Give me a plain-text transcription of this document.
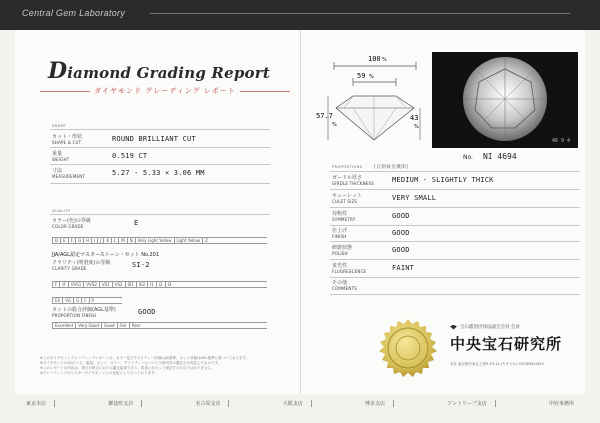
Central Gem Laboratory
Diamond Grading Report
ダイヤモンド グレーディング レポート
SHAPE
カット・形状
SHAPE & CUT	ROUND BRILLIANT CUT
重量
WEIGHT	0.519 CT
寸法
MEASUREMENT	5.27 - 5.33 × 3.06 MM
QUALITY
カラー(色)の等級
COLOR GRADE	E
D	E	F	G	H	I	J	K	L	M	N	Very Light Yellow	Light Yellow	Z
JJA/AGL認定マスターストーン・セット No.201
クラリティ(明澄度)の等級
CLARITY GRADE	SI-2
F	IF	VVS1	VVS2	VS1	VS2	SI1	SI2	I1	I2	I3
EX	VG	G	F	P
カットの総合評価(AGL基準)
PROPORTION FINISH	GOOD
Excellent	Very Good	Good	Fair	Poor
※このダイヤモンドグレーディングレポートは、カラー及びクラリティー評価はJJA基準、カット評価はAGL基準に基づいております。
※ダイヤモンドの4Cのうち、重量、カット、カラー、クラリティーについて当研究所の鑑定士が判定したものです。
※このレポートの内容は、発行日時点における鑑定結果であり、将来にわたって保証するものではありません。
※グレーディングはマスターダイヤモンドとの比較により行っております。
100 %
59 %
57.7
%
43
%
46 9 4
No. NI 4694
PROPORTIONS	[自動検査機関]
ガードル厚さ
GIRDLE THICKNESS	MEDIUM - SLIGHTLY THICK
キューレット
CULET SIZE	VERY SMALL
対称性
SYMMETRY	GOOD
仕上げ
FINISH	GOOD
研磨状態
POLISH	GOOD
蛍光性
FLUORESCENCE	FAINT
その他
COMMENTS
宝石鑑別団体協議会会員 会員
中央宝石研究所
本社 東京都台東区上野5-15-14 (ヤギビル) 03(3836)1629
東京本店	御徒町支店	名古屋支店	大阪支店	博多支店	アントワープ支店	甲府事務所
